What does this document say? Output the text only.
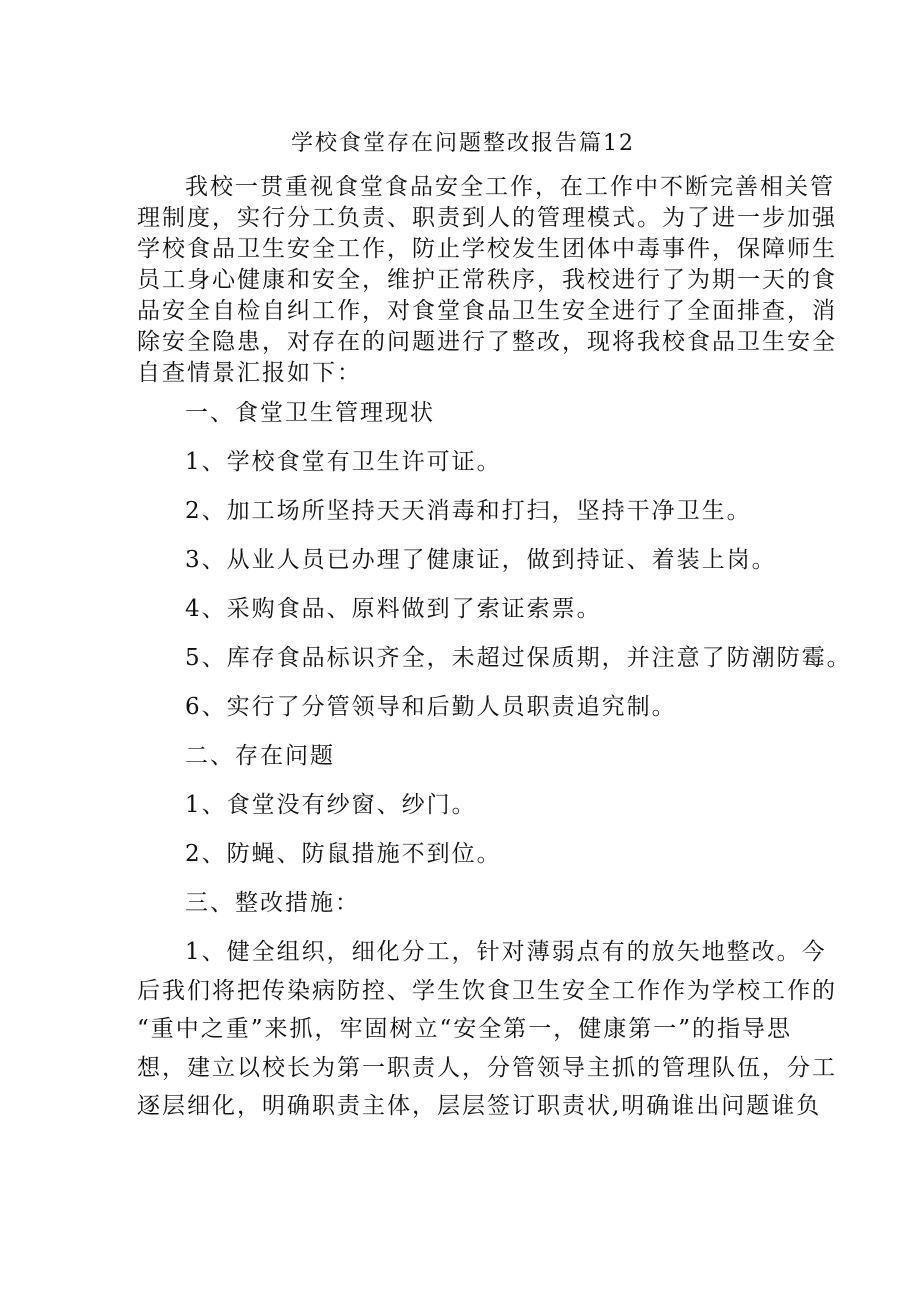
学校食堂存在问题整改报告篇12
我校一贯重视食堂食品安全工作，在工作中不断完善相关管
理制度，实行分工负责、职责到人的管理模式。为了进一步加强
学校食品卫生安全工作，防止学校发生团体中毒事件，保障师生
员工身心健康和安全，维护正常秩序，我校进行了为期一天的食
品安全自检自纠工作，对食堂食品卫生安全进行了全面排查，消
除安全隐患，对存在的问题进行了整改，现将我校食品卫生安全
自查情景汇报如下：
一、食堂卫生管理现状
1、学校食堂有卫生许可证。
2、加工场所坚持天天消毒和打扫，坚持干净卫生。
3、从业人员已办理了健康证，做到持证、着装上岗。
4、采购食品、原料做到了索证索票。
5、库存食品标识齐全，未超过保质期，并注意了防潮防霉。
6、实行了分管领导和后勤人员职责追究制。
二、存在问题
1、食堂没有纱窗、纱门。
2、防蝇、防鼠措施不到位。
三、整改措施：
1、健全组织，细化分工，针对薄弱点有的放矢地整改。今
后我们将把传染病防控、学生饮食卫生安全工作作为学校工作的
“重中之重”来抓，牢固树立“安全第一，健康第一”的指导思
想，建立以校长为第一职责人，分管领导主抓的管理队伍，分工
逐层细化，明确职责主体，层层签订职责状,明确谁出问题谁负
